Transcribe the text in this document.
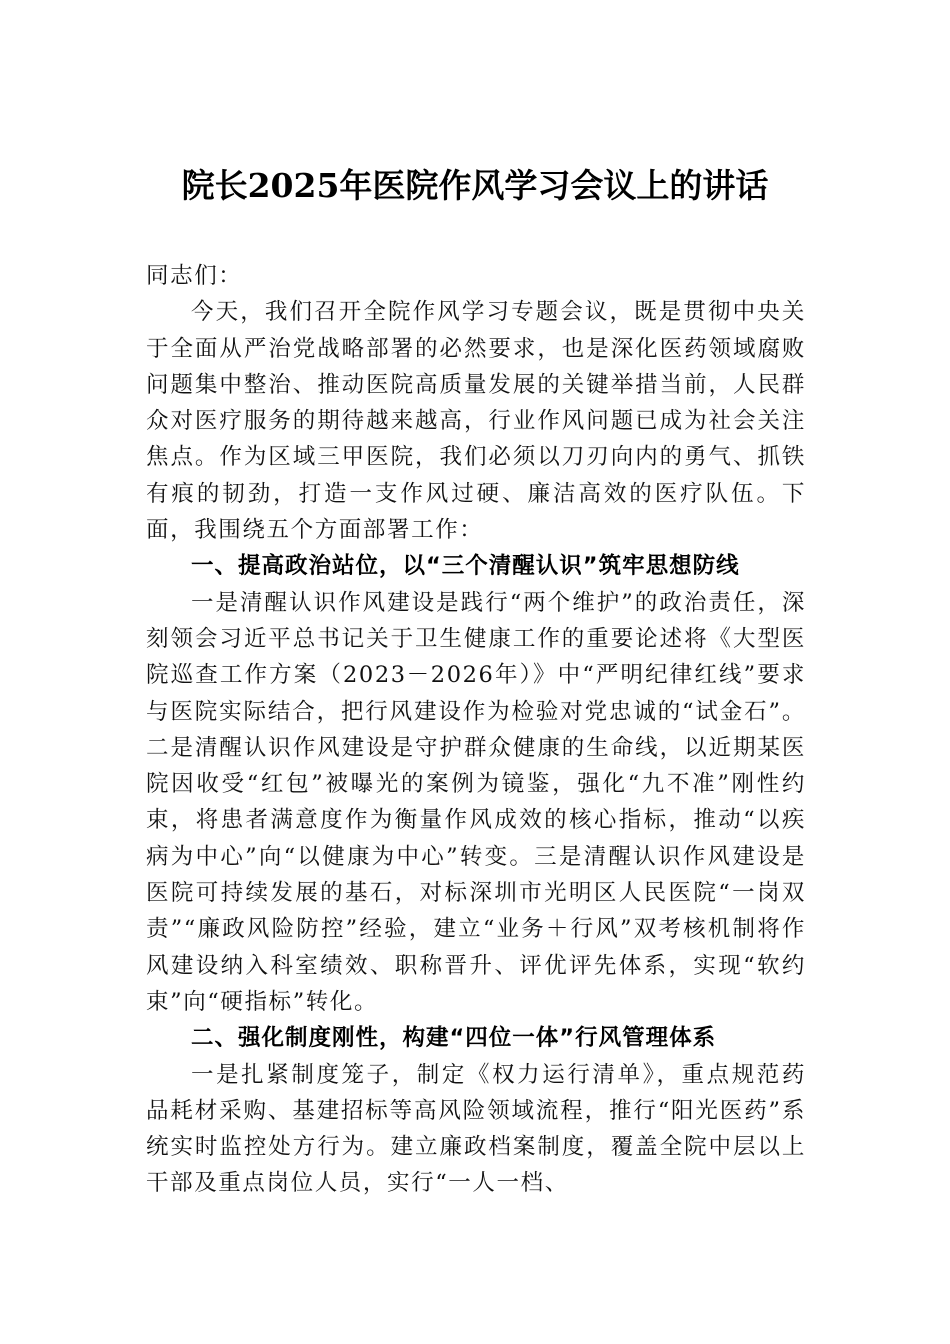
院长2025年医院作风学习会议上的讲话

同志们：

今天，我们召开全院作风学习专题会议，既是贯彻中央关于全面从严治党战略部署的必然要求，也是深化医药领域腐败问题集中整治、推动医院高质量发展的关键举措当前，人民群众对医疗服务的期待越来越高，行业作风问题已成为社会关注焦点。作为区域三甲医院，我们必须以刀刃向内的勇气、抓铁有痕的韧劲，打造一支作风过硬、廉洁高效的医疗队伍。下面，我围绕五个方面部署工作：

一、提高政治站位，以“三个清醒认识”筑牢思想防线

一是清醒认识作风建设是践行“两个维护”的政治责任，深刻领会习近平总书记关于卫生健康工作的重要论述将《大型医院巡查工作方案（2023－2026年）》中“严明纪律红线”要求与医院实际结合，把行风建设作为检验对党忠诚的“试金石”。二是清醒认识作风建设是守护群众健康的生命线，以近期某医院因收受“红包”被曝光的案例为镜鉴，强化“九不准”刚性约束，将患者满意度作为衡量作风成效的核心指标，推动“以疾病为中心”向“以健康为中心”转变。三是清醒认识作风建设是医院可持续发展的基石，对标深圳市光明区人民医院“一岗双责”“廉政风险防控”经验，建立“业务＋行风”双考核机制将作风建设纳入科室绩效、职称晋升、评优评先体系，实现“软约束”向“硬指标”转化。

二、强化制度刚性，构建“四位一体”行风管理体系

一是扎紧制度笼子，制定《权力运行清单》，重点规范药品耗材采购、基建招标等高风险领域流程，推行“阳光医药”系统实时监控处方行为。建立廉政档案制度，覆盖全院中层以上干部及重点岗位人员，实行“一人一档、
